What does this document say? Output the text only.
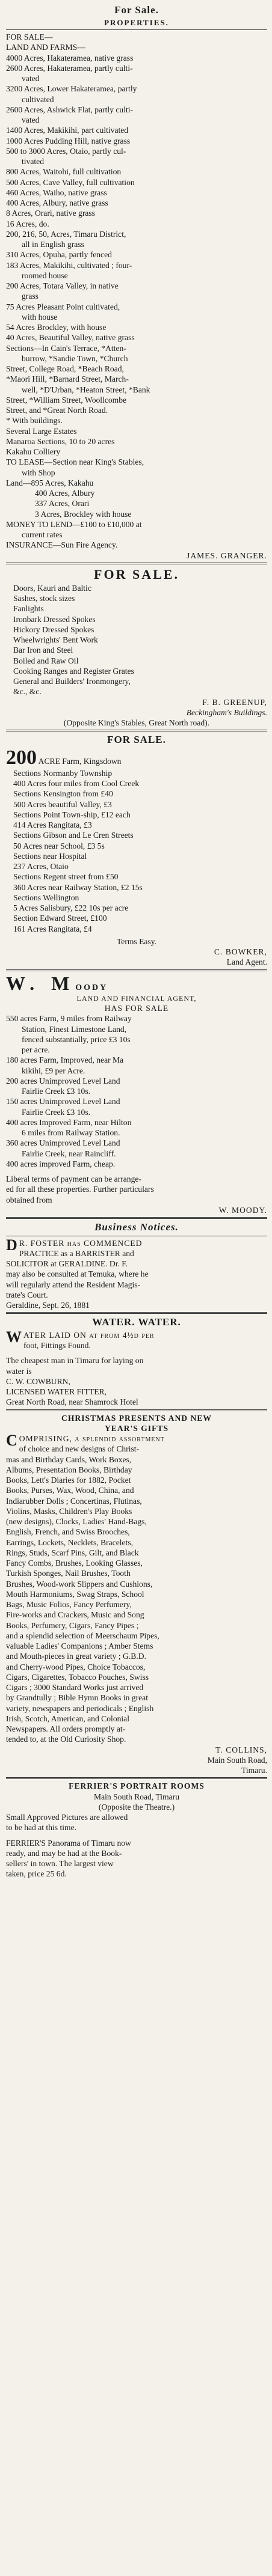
For Sale.
PROPERTIES.
FOR SALE—
LAND AND FARMS—
4000 Acres, Hakateramea, native grass
2600 Acres, Hakateramea, partly culti-
vated
3200 Acres, Lower Hakateramea, partly
cultivated
2600 Acres, Ashwick Flat, partly culti-
vated
1400 Acres, Makikihi, part cultivated
1000 Acres Pudding Hill, native grass
500 to 3000 Acres, Otaio, partly cul-
tivated
800 Acres, Waitohi, full cultivation
500 Acres, Cave Valley, full cultivation
460 Acres, Waiho, native grass
400 Acres, Albury, native grass
8 Acres, Orari, native grass
16 Acres, do.
200, 216, 50, Acres, Timaru District,
all in English grass
310 Acres, Opuha, partly fenced
183 Acres, Makikihi, cultivated ; four-
roomed house
200 Acres, Totara Valley, in native
grass
75 Acres Pleasant Point cultivated,
with house
54 Acres Brockley, with house
40 Acres, Beautiful Valley, native grass
Sections—In Cain's Terrace, *Atten-
burrow, *Sandie Town, *Church
Street, College Road, *Beach Road,
*Maori Hill, *Barnard Street, March-
well, *D'Urban, *Heaton Street, *Bank
Street, *William Street, Woollcombe
Street, and *Great North Road.
* With buildings.
Several Large Estates
Manaroa Sections, 10 to 20 acres
Kakahu Colliery
TO LEASE—Section near King's Stables,
with Shop
Land—895 Acres, Kakahu
400 Acres, Albury
337 Acres, Orari
3 Acres, Brockley with house
MONEY TO LEND—£100 to £10,000 at
current rates
INSURANCE—Sun Fire Agency.
JAMES. GRANGER.
FOR SALE.
Doors, Kauri and Baltic
Sashes, stock sizes
Fanlights
Ironbark Dressed Spokes
Hickory Dressed Spokes
Wheelwrights' Bent Work
Bar Iron and Steel
Boiled and Raw Oil
Cooking Ranges and Register Grates
General and Builders' Ironmongery,
&c., &c.
F. B. GREENUP,
Beckingham's Buildings.
(Opposite King's Stables, Great North road).
FOR SALE.
200 ACRE Farm, Kingsdown
Sections Normanby Township
400 Acres four miles from Cool Creek
Sections Kensington from £40
500 Acres beautiful Valley, £3
Sections Point Town-ship, £12 each
414 Acres Rangitata, £3
Sections Gibson and Le Cren Streets
50 Acres near School, £3 5s
Sections near Hospital
237 Acres, Otaio
Sections Regent street from £50
360 Acres near Railway Station, £2 15s
Sections Wellington
5 Acres Salisbury, £22 10s per acre
Section Edward Street, £100
161 Acres Rangitata, £4
Terms Easy.
C. BOWKER,
Land Agent.
W. MOODY
LAND AND FINANCIAL AGENT,
HAS FOR SALE
550 acres Farm, 9 miles from Railway
Station, Finest Limestone Land,
fenced substantially, price £3 10s
per acre.
180 acres Farm, Improved, near Ma
kikihi, £9 per Acre.
200 acres Unimproved Level Land
Fairlie Creek £3 10s.
150 acres Unimproved Level Land
Fairlie Creek £3 10s.
400 acres Improved Farm, near Hilton
6 miles from Railway Station.
360 acres Unimproved Level Land
Fairlie Creek, near Raincliff.
400 acres improved Farm, cheap.
Liberal terms of payment can be arrange-
ed for all these properties. Further particulars
obtained from
W. MOODY.
Business Notices.
D R. FOSTER has COMMENCED
PRACTICE as a BARRISTER and
SOLICITOR at GERALDINE. Dr. F.
may also be consulted at Temuka, where he
will regularly attend the Resident Magis-
trate's Court.
Geraldine, Sept. 26, 1881
WATER. WATER.
WATER LAID ON at from 4½d per
foot, Fittings Found.
The cheapest man in Timaru for laying on
water is
C. W. COWBURN,
LICENSED WATER FITTER,
Great North Road, near Shamrock Hotel
CHRISTMAS PRESENTS AND NEW
YEAR'S GIFTS
COMPRISING, a splendid assortment
of choice and new designs of Christ-
mas and Birthday Cards, Work Boxes,
Albums, Presentation Books, Birthday
Books, Lett's Diaries for 1882, Pocket
Books, Purses, Wax, Wood, China, and
Indiarubber Dolls ; Concertinas, Flutinas,
Violins, Masks, Children's Play Books
(new designs), Clocks, Ladies' Hand-Bags,
English, French, and Swiss Brooches,
Earrings, Lockets, Necklets, Bracelets,
Rings, Studs, Scarf Pins, Gilt, and Black
Fancy Combs, Brushes, Looking Glasses,
Turkish Sponges, Nail Brushes, Tooth
Brushes, Wood-work Slippers and Cushions,
Mouth Harmoniums, Swag Straps, School
Bags, Music Folios, Fancy Perfumery,
Fire-works and Crackers, Music and Song
Books, Perfumery, Cigars, Fancy Pipes ;
and a splendid selection of Meerschaum Pipes,
valuable Ladies' Companions ; Amber Stems
and Mouth-pieces in great variety ; G.B.D.
and Cherry-wood Pipes, Choice Tobaccos,
Cigars, Cigarettes, Tobacco Pouches, Swiss
Cigars ; 3000 Standard Works just arrived
by Grandtully ; Bible Hymn Books in great
variety, newspapers and periodicals ; English
Irish, Scotch, American, and Colonial
Newspapers. All orders promptly at-
tended to, at the Old Curiosity Shop.
T. COLLINS,
Main South Road,
Timaru.
FERRIER'S PORTRAIT ROOMS
Main South Road, Timaru
(Opposite the Theatre.)
Small Approved Pictures are allowed
to be had at this time.
FERRIER'S Panorama of Timaru now
ready, and may be had at the Book-
sellers' in town. The largest view
taken, price 25 6d.
